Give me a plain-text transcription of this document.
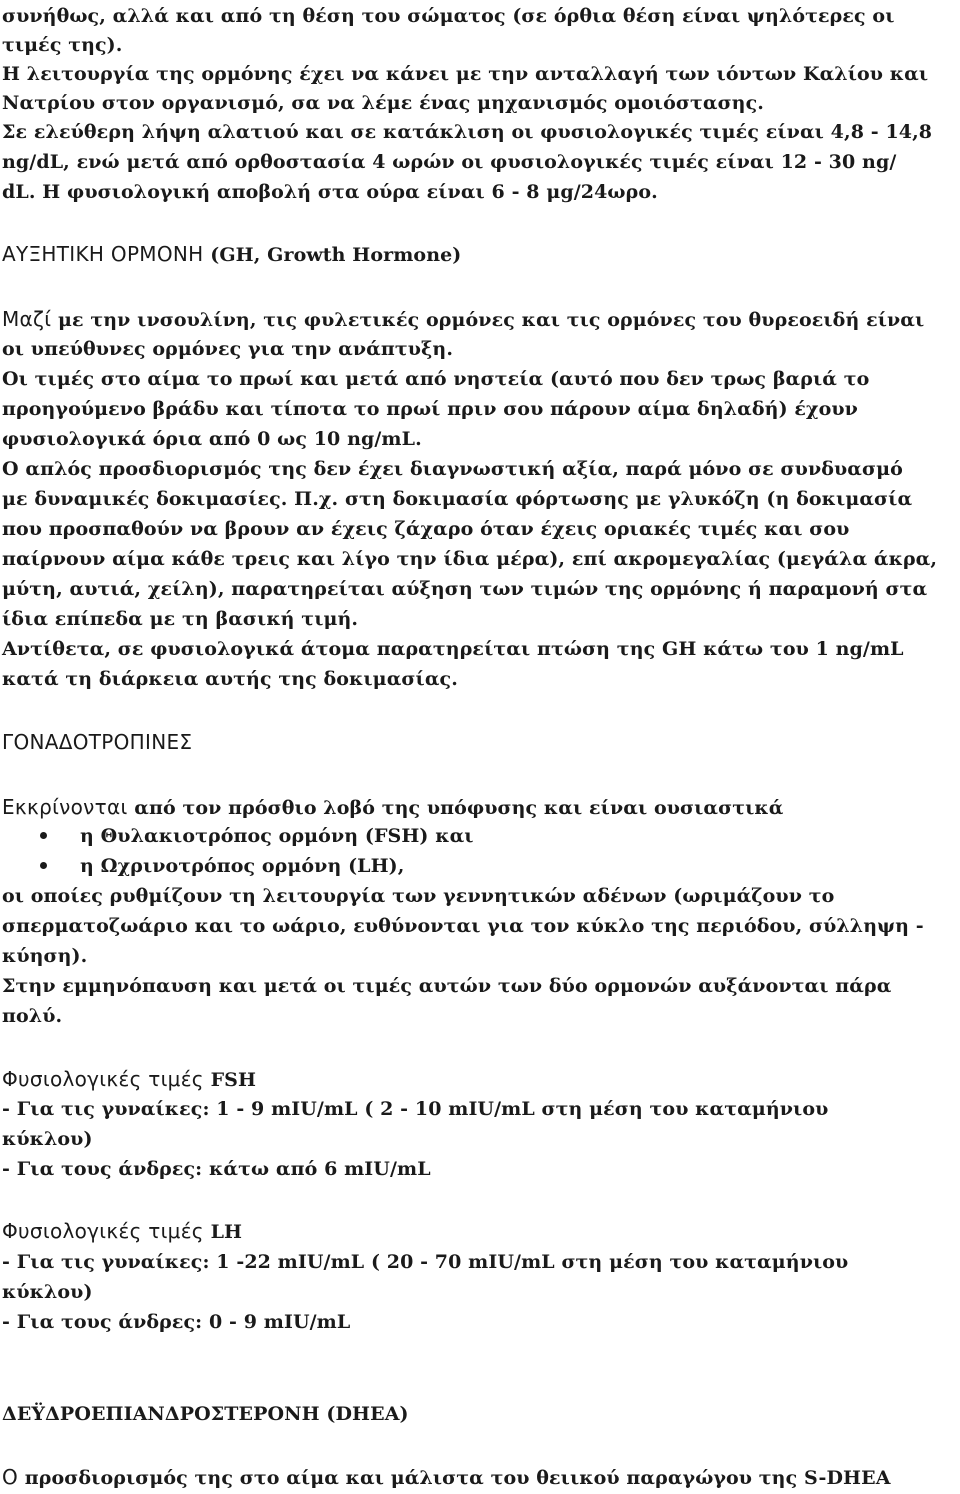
συνήθως, αλλά και από τη θέση του σώματος (σε όρθια θέση είναι ψηλότερες οι
τιμές της).
Η λειτουργία της ορμόνης έχει να κάνει με την ανταλλαγή των ιόντων Καλίου και
Νατρίου στον οργανισμό, σα να λέμε ένας μηχανισμός ομοιόστασης.
Σε ελεύθερη λήψη αλατιού και σε κατάκλιση οι φυσιολογικές τιμές είναι 4,8 - 14,8
ng/dL, ενώ μετά από ορθοστασία 4 ωρών οι φυσιολογικές τιμές είναι 12 - 30 ng/
dL. Η φυσιολογική αποβολή στα ούρα είναι 6 - 8 μg/24ωρο.
ΑΥΞΗΤΙΚΗ ΟΡΜΟΝΗ (GH, Growth Hormone)
Μαζί με την ινσουλίνη, τις φυλετικές ορμόνες και τις ορμόνες του θυρεοειδή είναι
οι υπεύθυνες ορμόνες για την ανάπτυξη.
Οι τιμές στο αίμα το πρωί και μετά από νηστεία (αυτό που δεν τρως βαριά το
προηγούμενο βράδυ και τίποτα το πρωί πριν σου πάρουν αίμα δηλαδή) έχουν
φυσιολογικά όρια από 0 ως 10 ng/mL.
Ο απλός προσδιορισμός της δεν έχει διαγνωστική αξία, παρά μόνο σε συνδυασμό
με δυναμικές δοκιμασίες. Π.χ. στη δοκιμασία φόρτωσης με γλυκόζη (η δοκιμασία
που προσπαθούν να βρουν αν έχεις ζάχαρο όταν έχεις οριακές τιμές και σου
παίρνουν αίμα κάθε τρεις και λίγο την ίδια μέρα), επί ακρομεγαλίας (μεγάλα άκρα,
μύτη, αυτιά, χείλη), παρατηρείται αύξηση των τιμών της ορμόνης ή παραμονή στα
ίδια επίπεδα με τη βασική τιμή.
Αντίθετα, σε φυσιολογικά άτομα παρατηρείται πτώση της GH κάτω του 1 ng/mL
κατά τη διάρκεια αυτής της δοκιμασίας.
ΓΟΝΑΔΟΤΡΟΠΙΝΕΣ
Εκκρίνονται από τον πρόσθιο λοβό της υπόφυσης και είναι ουσιαστικά
η Θυλακιοτρόπος ορμόνη (FSH) και
η Ωχρινοτρόπος ορμόνη (LH),
οι οποίες ρυθμίζουν τη λειτουργία των γεννητικών αδένων (ωριμάζουν το
σπερματοζωάριο και το ωάριο, ευθύνονται για τον κύκλο της περιόδου, σύλληψη -
κύηση).
Στην εμμηνόπαυση και μετά οι τιμές αυτών των δύο ορμονών αυξάνονται πάρα
πολύ.
Φυσιολογικές τιμές FSH
- Για τις γυναίκες: 1 - 9 mIU/mL ( 2 - 10 mIU/mL στη μέση του καταμήνιου
κύκλου)
- Για τους άνδρες: κάτω από 6 mIU/mL
Φυσιολογικές τιμές LH
- Για τις γυναίκες: 1 -22 mIU/mL ( 20 - 70 mIU/mL στη μέση του καταμήνιου
κύκλου)
- Για τους άνδρες: 0 - 9 mIU/mL
ΔΕΫΔΡΟΕΠΙΑΝΔΡΟΣΤΕΡΟΝΗ (DHEA)
Ο προσδιορισμός της στο αίμα και μάλιστα του θειικού παραγώγου της S-DHEA
